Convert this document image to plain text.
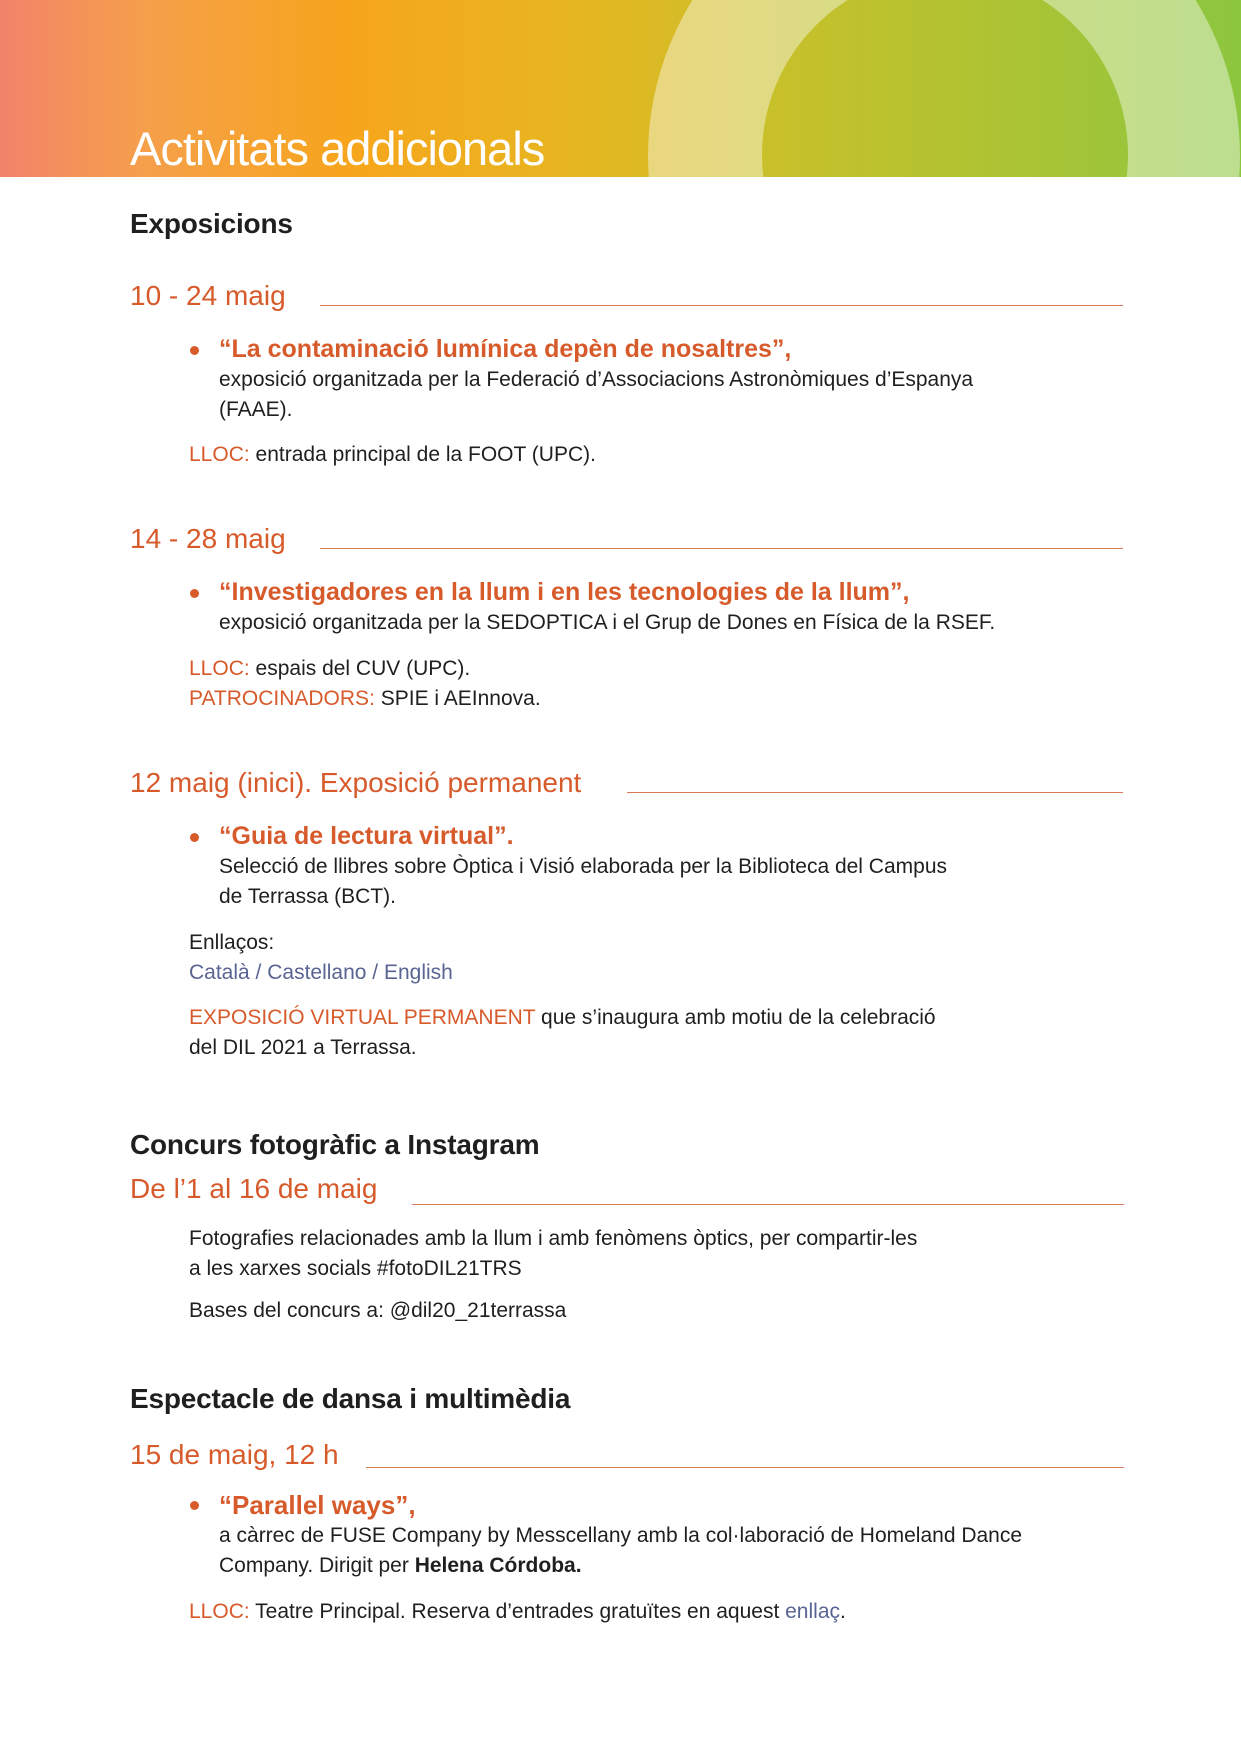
Activitats addicionals
Exposicions
10 - 24 maig
“La contaminació lumínica depèn de nosaltres”,
exposició organitzada per la Federació d’Associacions Astronòmiques d’Espanya
(FAAE).
LLOC: entrada principal de la FOOT (UPC).
14 - 28 maig
“Investigadores en la llum i en les tecnologies de la llum”,
exposició organitzada per la SEDOPTICA i el Grup de Dones en Física de la RSEF.
LLOC: espais del CUV (UPC).
PATROCINADORS: SPIE i AEInnova.
12 maig (inici). Exposició permanent
“Guia de lectura virtual”.
Selecció de llibres sobre Òptica i Visió elaborada per la Biblioteca del Campus
de Terrassa (BCT).
Enllaços:
Català / Castellano / English
EXPOSICIÓ VIRTUAL PERMANENT que s’inaugura amb motiu de la celebració
del DIL 2021 a Terrassa.
Concurs fotogràfic a Instagram
De l’1 al 16 de maig
Fotografies relacionades amb la llum i amb fenòmens òptics, per compartir-les
a les xarxes socials #fotoDIL21TRS
Bases del concurs a: @dil20_21terrassa
Espectacle de dansa i multimèdia
15 de maig, 12 h
“Parallel ways”,
a càrrec de FUSE Company by Messcellany amb la col·laboració de Homeland Dance
Company. Dirigit per Helena Córdoba.
LLOC: Teatre Principal. Reserva d’entrades gratuïtes en aquest enllaç.
